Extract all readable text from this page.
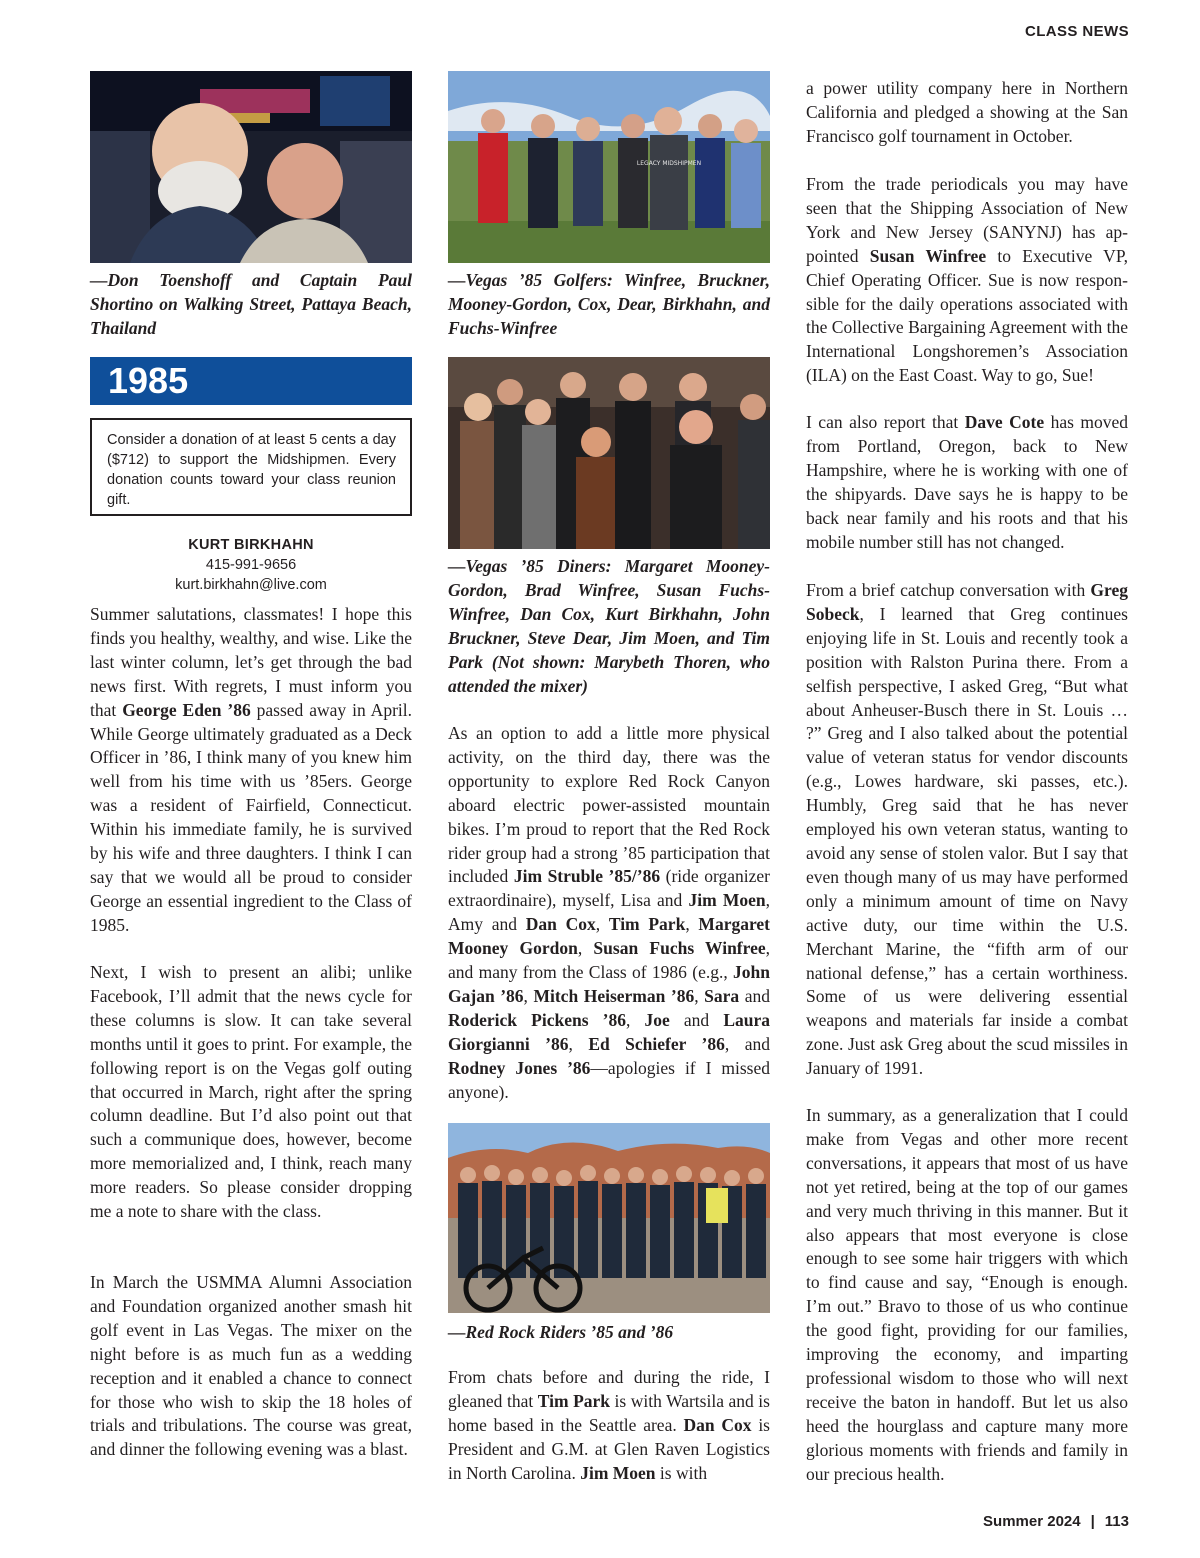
CLASS NEWS

—Don Toenshoff and Captain Paul Shortino on Walking Street, Pattaya Beach, Thailand

1985
Consider a donation of at least 5 cents a day ($712) to support the Midshipmen. Every donation counts toward your class reunion gift.
KURT BIRKHAHN
415-991-9656
kurt.birkhahn@live.com

Summer salutations, classmates! I hope this finds you healthy, wealthy, and wise. Like the last winter column, let’s get through the bad news first. With regrets, I must inform you that George Eden ’86 passed away in April. While George ultimately graduated as a Deck Officer in ’86, I think many of you knew him well from his time with us ’85ers. George was a resident of Fairfield, Connecticut. Within his immediate family, he is survived by his wife and three daughters. I think I can say that we would all be proud to consider George an essential ingredient to the Class of 1985.

Next, I wish to present an alibi; unlike Facebook, I’ll admit that the news cycle for these columns is slow. It can take several months until it goes to print. For example, the following report is on the Vegas golf outing that occurred in March, right after the spring column deadline. But I’d also point out that such a communique does, however, become more memorialized and, I think, reach many more readers. So please consider dropping me a note to share with the class.

In March the USMMA Alumni Association and Foundation organized another smash hit golf event in Las Vegas. The mixer on the night before is as much fun as a wedding reception and it enabled a chance to connect for those who wish to skip the 18 holes of trials and tribulations. The course was great, and dinner the following evening was a blast.

LEGACY MIDSHIPMEN

—Vegas ’85 Golfers: Winfree, Bruckner, Mooney-Gordon, Cox, Dear, Birkhahn, and Fuchs-Winfree

—Vegas ’85 Diners: Margaret Mooney-Gordon, Brad Winfree, Susan Fuchs-Winfree, Dan Cox, Kurt Birkhahn, John Bruckner, Steve Dear, Jim Moen, and Tim Park (Not shown: Marybeth Thoren, who attended the mixer)

As an option to add a little more physical activity, on the third day, there was the opportunity to explore Red Rock Canyon aboard electric power-assisted mountain bikes. I’m proud to report that the Red Rock rider group had a strong ’85 participation that included Jim Struble ’85/’86 (ride organizer extraordinaire), myself, Lisa and Jim Moen, Amy and Dan Cox, Tim Park, Margaret Mooney Gordon, Susan Fuchs Winfree, and many from the Class of 1986 (e.g., John Gajan ’86, Mitch Heiserman ’86, Sara and Roderick Pickens ’86, Joe and Laura Giorgianni ’86, Ed Schiefer ’86, and Rodney Jones ’86—apologies if I missed anyone).

—Red Rock Riders ’85 and ’86

From chats before and during the ride, I gleaned that Tim Park is with Wartsila and is home based in the Seattle area. Dan Cox is President and G.M. at Glen Raven Logistics in North Carolina. Jim Moen is with

a power utility company here in Northern California and pledged a showing at the San Francisco golf tournament in October.

From the trade periodicals you may have seen that the Shipping Association of New York and New Jersey (SANYNJ) has appointed Susan Winfree to Executive VP, Chief Operating Officer. Sue is now responsible for the daily operations associated with the Collective Bargaining Agreement with the International Longshoremen’s Association (ILA) on the East Coast. Way to go, Sue!

I can also report that Dave Cote has moved from Portland, Oregon, back to New Hampshire, where he is working with one of the shipyards. Dave says he is happy to be back near family and his roots and that his mobile number still has not changed.

From a brief catchup conversation with Greg Sobeck, I learned that Greg continues enjoying life in St. Louis and recently took a position with Ralston Purina there. From a selfish perspective, I asked Greg, “But what about Anheuser-Busch there in St. Louis … ?” Greg and I also talked about the potential value of veteran status for vendor discounts (e.g., Lowes hardware, ski passes, etc.). Humbly, Greg said that he has never employed his own veteran status, wanting to avoid any sense of stolen valor. But I say that even though many of us may have performed only a minimum amount of time on Navy active duty, our time within the U.S. Merchant Marine, the “fifth arm of our national defense,” has a certain worthiness. Some of us were delivering essential weapons and materials far inside a combat zone. Just ask Greg about the scud missiles in January of 1991.

In summary, as a generalization that I could make from Vegas and other more recent conversations, it appears that most of us have not yet retired, being at the top of our games and very much thriving in this manner. But it also appears that most everyone is close enough to see some hair triggers with which to find cause and say, “Enough is enough. I’m out.” Bravo to those of us who continue the good fight, providing for our families, improving the economy, and imparting professional wisdom to those who will next receive the baton in handoff. But let us also heed the hourglass and capture many more glorious moments with friends and family in our precious health.

Summer 2024 | 113
